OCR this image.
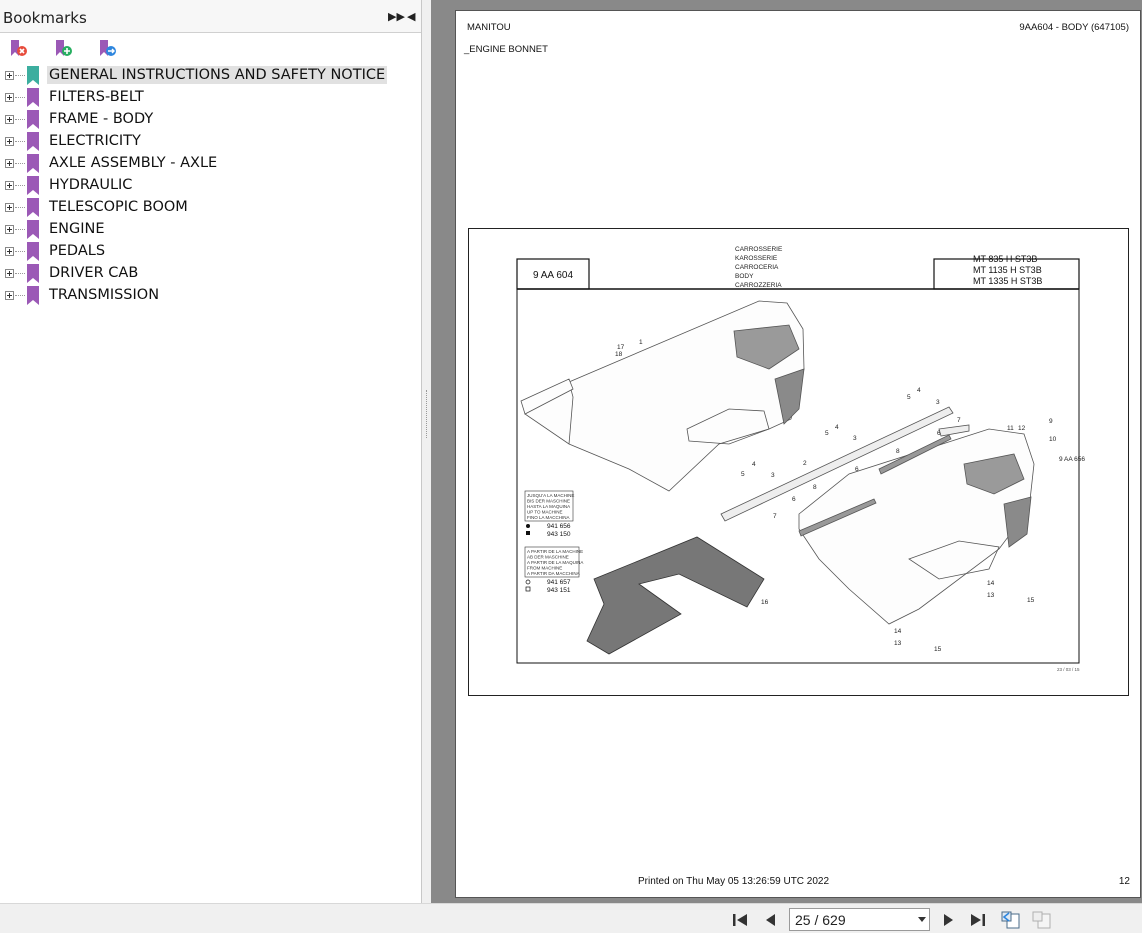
Bookmarks	▶▶ ◀
GENERAL INSTRUCTIONS AND SAFETY NOTICE
FILTERS-BELT
FRAME - BODY
ELECTRICITY
AXLE ASSEMBLY - AXLE
HYDRAULIC
TELESCOPIC BOOM
ENGINE
PEDALS
DRIVER CAB
TRANSMISSION
MANITOU	9AA604 - BODY (647105)
_ENGINE BONNET
9 AA 604
CARROSSERIE
KAROSSERIE
CARROCERIA
BODY
CARROZZERIA
MT 835 H ST3B
MT 1135 H ST3B
MT 1335 H ST3B
17
18
1
4
5
3
4
5
3
4
5	3
2
8
8
6
6
6
7
7
11 12
9
10
9 AA 656
14
13
15
14
13
15
16
JUSQU'A LA MACHINE
BIS DER MASCHINE
HASTA LA MAQUINA
UP TO MACHINE
FINO LA MACCHINA
941 656
943 150
A PARTIR DE LA MACHINE
AB DER MASCHINE
A PARTIR DE LA MAQUINA
FROM MACHINE
A PARTIR DA MACCHINA
941 657
943 151
23 / 03 / 15
Printed on Thu May 05 13:26:59 UTC 2022	12
25 / 629
